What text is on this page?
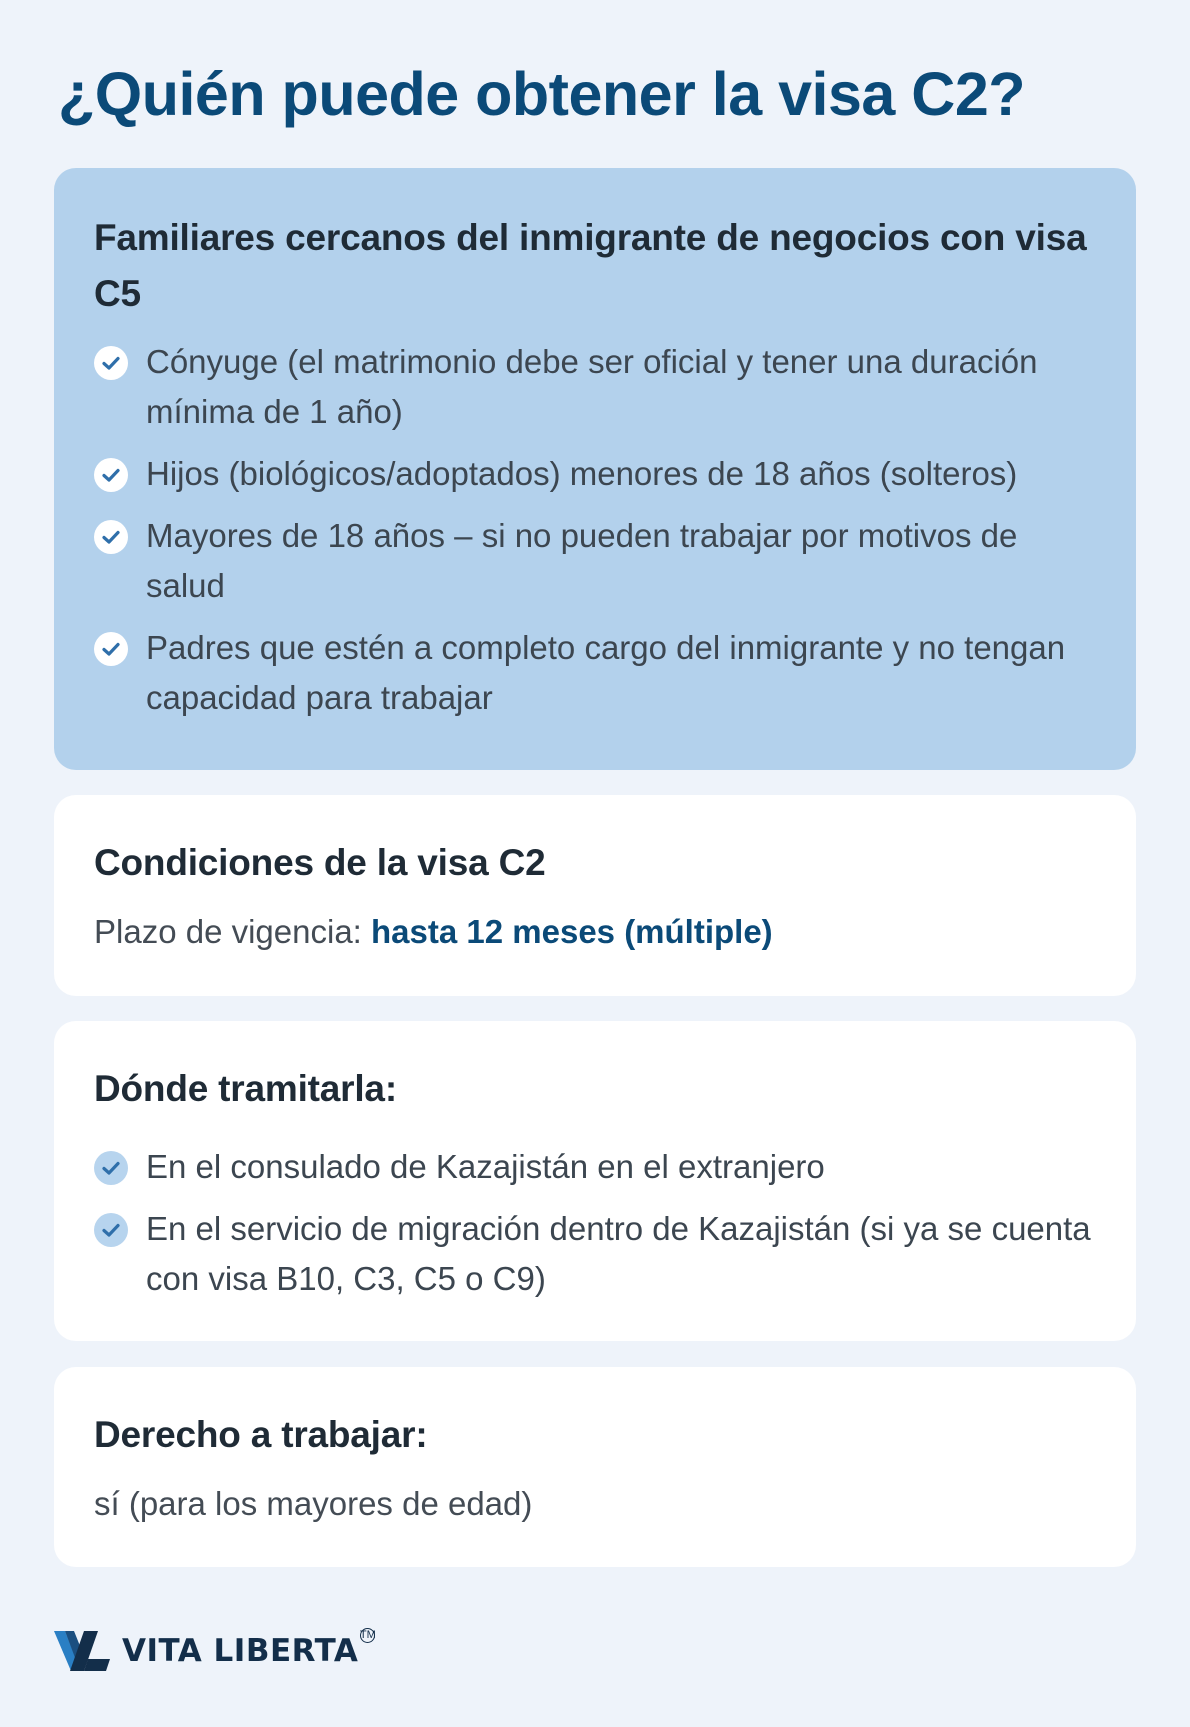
¿Quién puede obtener la visa C2?
Familiares cercanos del inmigrante de negocios con visa C5
Cónyuge (el matrimonio debe ser oficial y tener una duración mínima de 1 año)
Hijos (biológicos/adoptados) menores de 18 años (solteros)
Mayores de 18 años – si no pueden trabajar por motivos de salud
Padres que estén a completo cargo del inmigrante y no tengan capacidad para trabajar
Condiciones de la visa C2

Plazo de vigencia: hasta 12 meses (múltiple)

Dónde tramitarla:
En el consulado de Kazajistán en el extranjero
En el servicio de migración dentro de Kazajistán (si ya se cuenta con visa B10, C3, C5 o C9)
Derecho a trabajar:

sí (para los mayores de edad)

VITA LIBERTA TM
